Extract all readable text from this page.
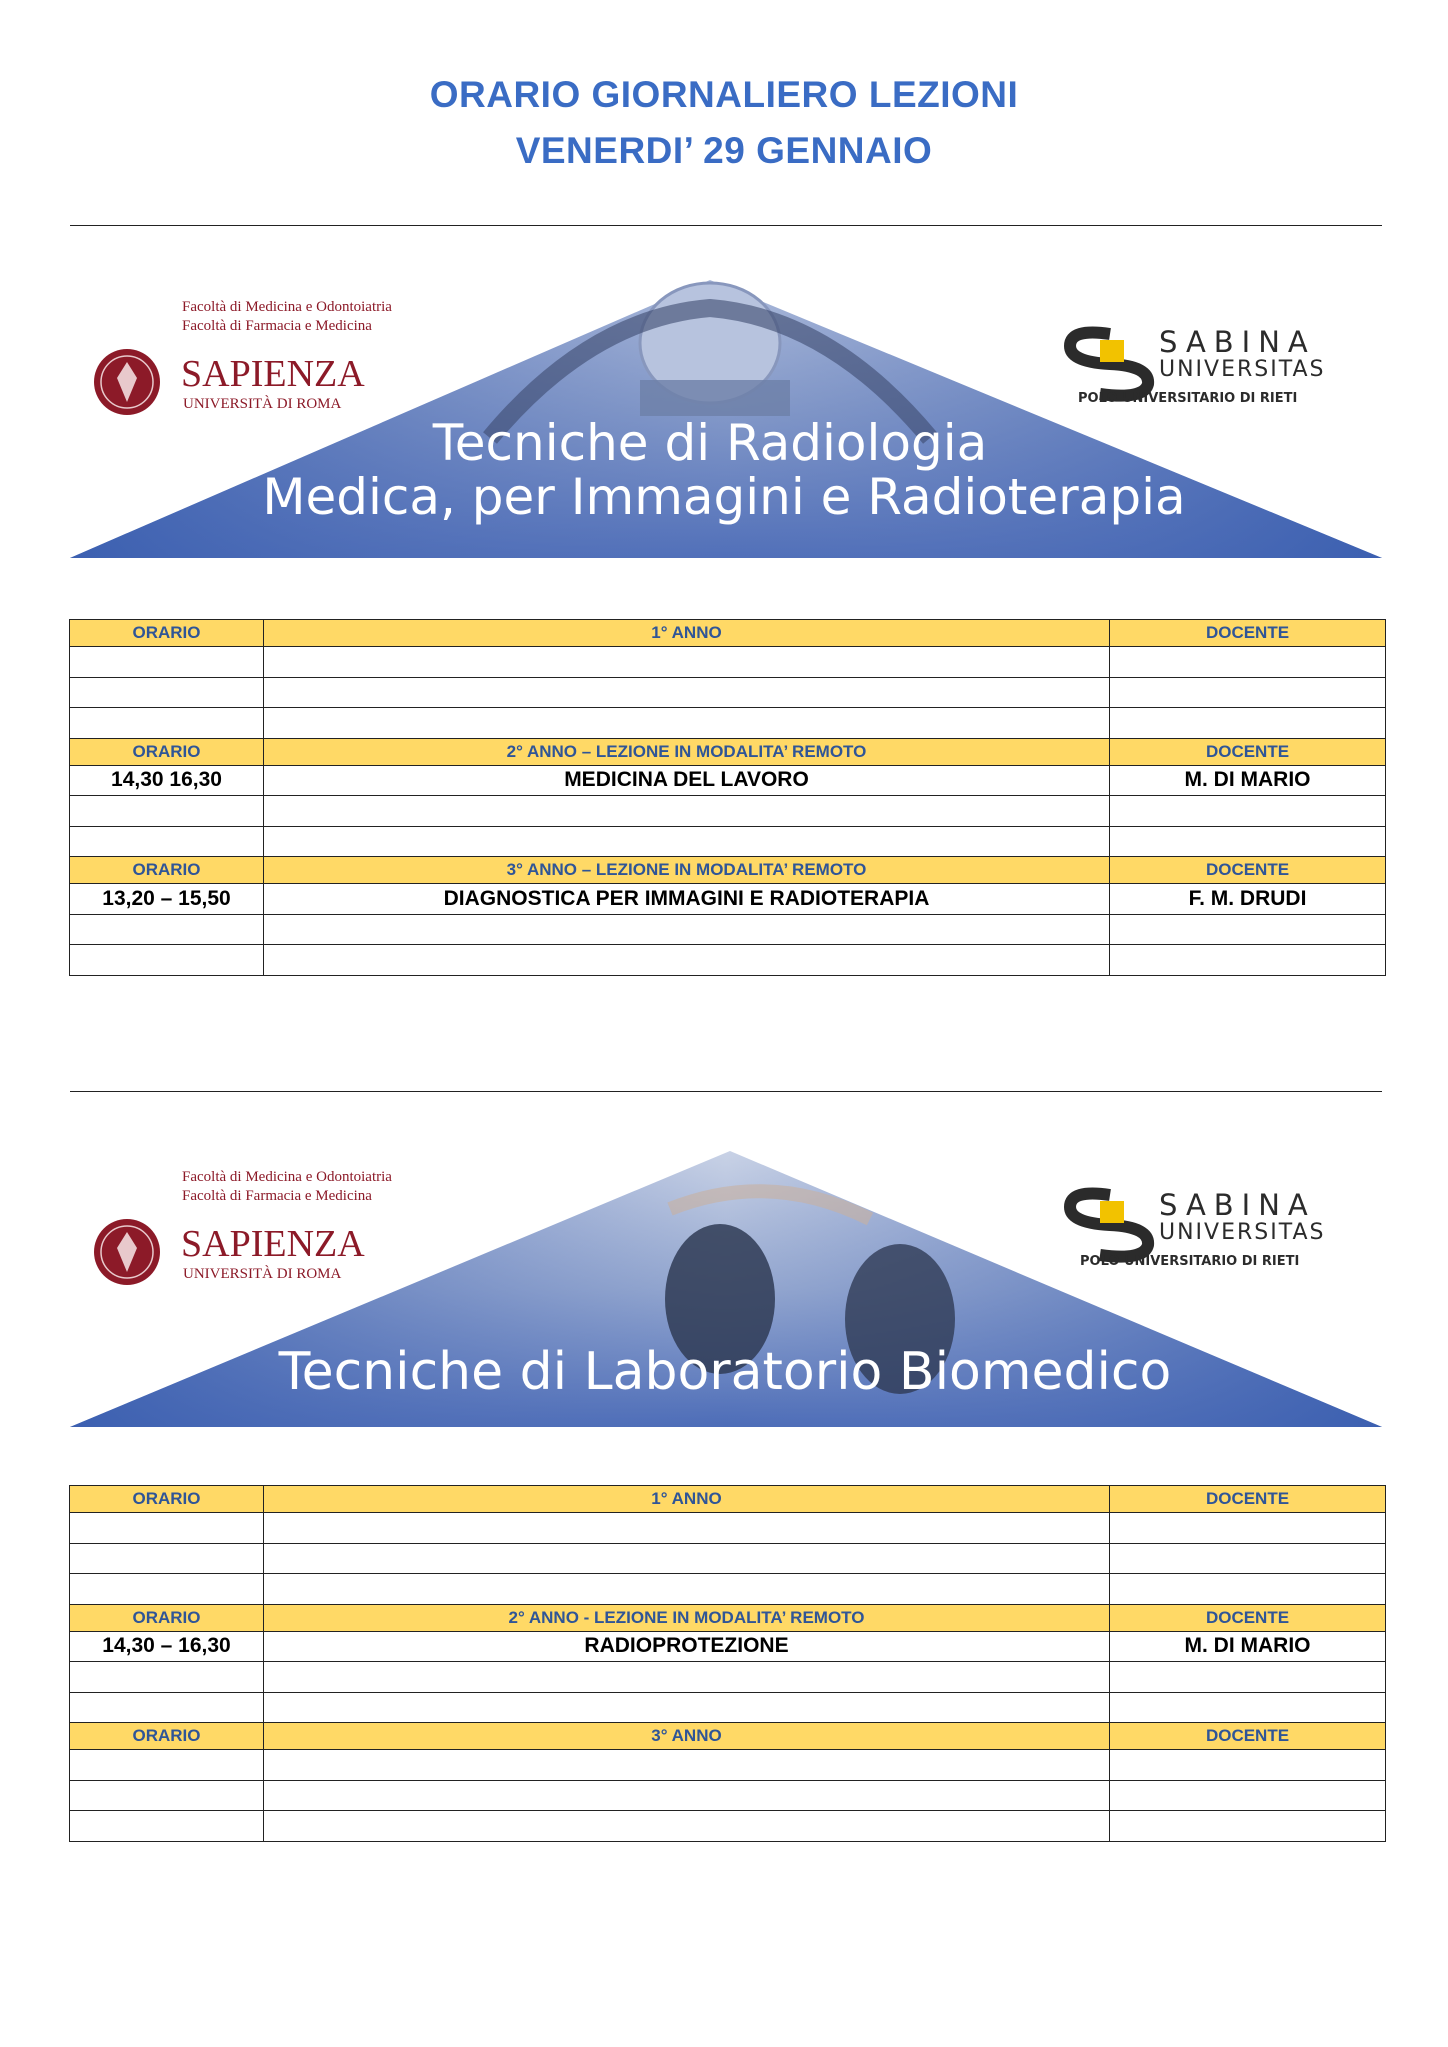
ORARIO GIORNALIERO LEZIONI
VENERDI’ 29 GENNAIO
Tecniche di Radiologia
Medica, per Immagini e Radioterapia
Facoltà di Medicina e Odontoiatria
Facoltà di Farmacia e Medicina
SAPIENZA
UNIVERSITÀ DI ROMA
SABINA
UNIVERSITAS
POLO UNIVERSITARIO DI RIETI
ORARIO	1° ANNO	DOCENTE

ORARIO	2° ANNO – LEZIONE IN MODALITA’ REMOTO	DOCENTE
14,30 16,30	MEDICINA DEL LAVORO	M. DI MARIO

ORARIO	3° ANNO – LEZIONE IN MODALITA’ REMOTO	DOCENTE
13,20 – 15,50	DIAGNOSTICA PER IMMAGINI E RADIOTERAPIA	F. M. DRUDI

Tecniche di Laboratorio Biomedico
Facoltà di Medicina e Odontoiatria
Facoltà di Farmacia e Medicina
SAPIENZA
UNIVERSITÀ DI ROMA
SABINA
UNIVERSITAS
POLO UNIVERSITARIO DI RIETI
ORARIO	1° ANNO	DOCENTE

ORARIO	2° ANNO - LEZIONE IN MODALITA’ REMOTO	DOCENTE
14,30 – 16,30	RADIOPROTEZIONE	M. DI MARIO

ORARIO	3° ANNO	DOCENTE
